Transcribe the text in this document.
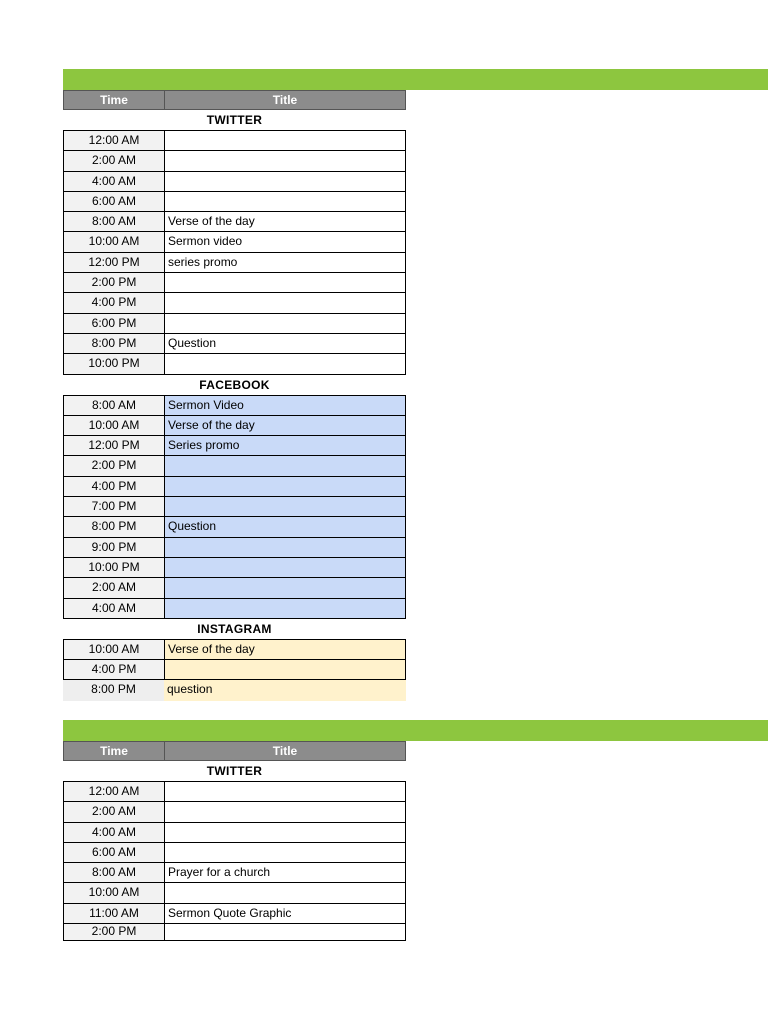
Time	Title
TWITTER
12:00 AM
2:00 AM
4:00 AM
6:00 AM
8:00 AM	Verse of the day
10:00 AM	Sermon video
12:00 PM	series promo
2:00 PM
4:00 PM
6:00 PM
8:00 PM	Question
10:00 PM
FACEBOOK
8:00 AM	Sermon Video
10:00 AM	Verse of the day
12:00 PM	Series promo
2:00 PM
4:00 PM
7:00 PM
8:00 PM	Question
9:00 PM
10:00 PM
2:00 AM
4:00 AM
INSTAGRAM
10:00 AM	Verse of the day
4:00 PM
8:00 PM	question
Time	Title
TWITTER
12:00 AM
2:00 AM
4:00 AM
6:00 AM
8:00 AM	Prayer for a church
10:00 AM
11:00 AM	Sermon Quote Graphic
2:00 PM
